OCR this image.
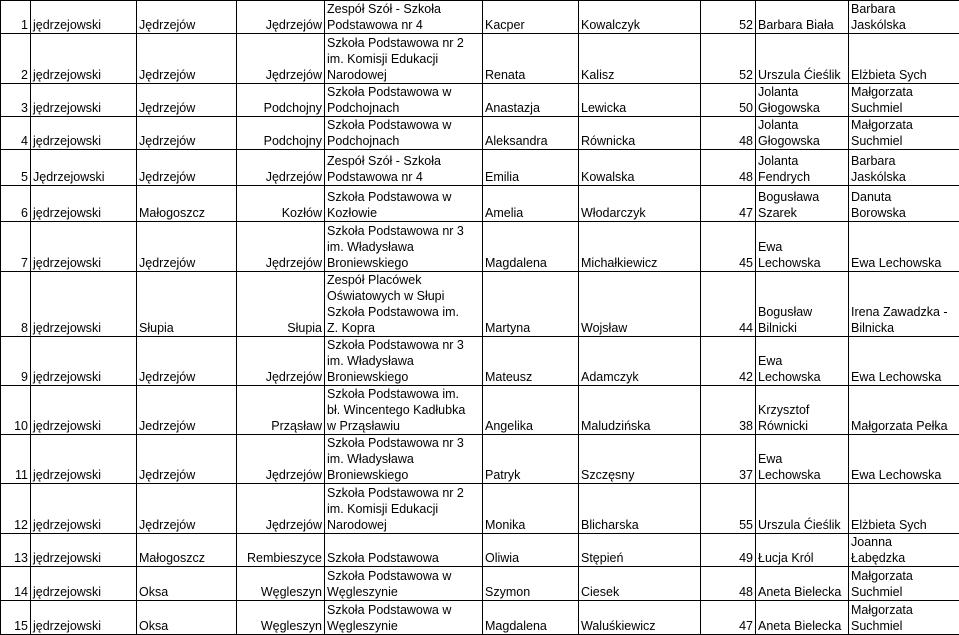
1	jędrzejowski	Jędrzejów	Jędrzejów	Zespół Szół - Szkoła
Podstawowa nr 4	Kacper	Kowalczyk	52	Barbara Biała	Barbara
Jaskólska
2	jędrzejowski	Jędrzejów	Jędrzejów	Szkoła Podstawowa nr 2
im. Komisji Edukacji
Narodowej	Renata	Kalisz	52	Urszula Ćieślik	Elżbieta Sych
3	jędrzejowski	Jędrzejów	Podchojny	Szkoła Podstawowa w
Podchojnach	Anastazja	Lewicka	50	Jolanta
Głogowska	Małgorzata
Suchmiel
4	jędrzejowski	Jędrzejów	Podchojny	Szkoła Podstawowa w
Podchojnach	Aleksandra	Równicka	48	Jolanta
Głogowska	Małgorzata
Suchmiel
5	Jędrzejowski	Jędrzejów	Jędrzejów	Zespół Szół - Szkoła
Podstawowa nr 4	Emilia	Kowalska	48	Jolanta
Fendrych	Barbara
Jaskólska
6	jędrzejowski	Małogoszcz	Kozłów	Szkoła Podstawowa w
Kozłowie	Amelia	Włodarczyk	47	Bogusława
Szarek	Danuta
Borowska
7	jędrzejowski	Jędrzejów	Jędrzejów	Szkoła Podstawowa nr 3
im. Władysława
Broniewskiego	Magdalena	Michałkiewicz	45	Ewa Lechowska	Ewa Lechowska
8	jędrzejowski	Słupia	Słupia	Zespół Placówek
Oświatowych w Słupi
Szkoła Podstawowa im.
Z. Kopra	Martyna	Wojsław	44	Bogusław
Bilnicki	Irena Zawadzka -
Bilnicka
9	jędrzejowski	Jędrzejów	Jędrzejów	Szkoła Podstawowa nr 3
im. Władysława
Broniewskiego	Mateusz	Adamczyk	42	Ewa Lechowska	Ewa Lechowska
10	jędrzejowski	Jedrzejów	Prząsław	Szkoła Podstawowa im.
bł. Wincentego Kadłubka
w Prząsławiu	Angelika	Maludzińska	38	Krzysztof
Równicki	Małgorzata Pełka
11	jędrzejowski	Jędrzejów	Jędrzejów	Szkoła Podstawowa nr 3
im. Władysława
Broniewskiego	Patryk	Szczęsny	37	Ewa Lechowska	Ewa Lechowska
12	jędrzejowski	Jędrzejów	Jędrzejów	Szkoła Podstawowa nr 2
im. Komisji Edukacji
Narodowej	Monika	Blicharska	55	Urszula Ćieślik	Elżbieta Sych
13	jędrzejowski	Małogoszcz	Rembieszyce	Szkoła Podstawowa	Oliwia	Stępień	49	Łucja Król	Joanna
Łabędzka
14	jędrzejowski	Oksa	Węgleszyn	Szkoła Podstawowa w
Węgleszynie	Szymon	Ciesek	48	Aneta Bielecka	Małgorzata
Suchmiel
15	jędrzejowski	Oksa	Węgleszyn	Szkoła Podstawowa w
Węgleszynie	Magdalena	Waluśkiewicz	47	Aneta Bielecka	Małgorzata
Suchmiel
